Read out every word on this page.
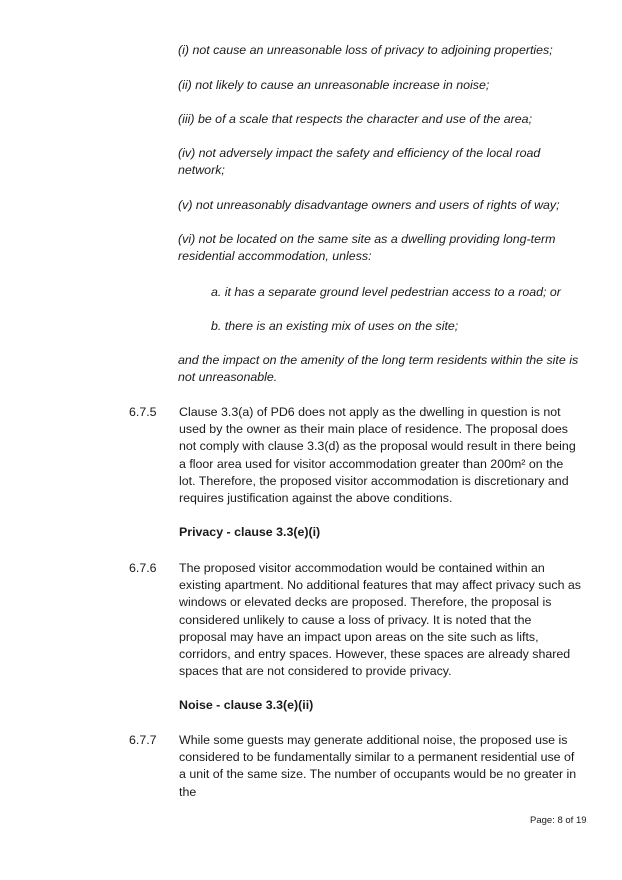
(i) not cause an unreasonable loss of privacy to adjoining properties;

(ii) not likely to cause an unreasonable increase in noise;

(iii) be of a scale that respects the character and use of the area;

(iv) not adversely impact the safety and efficiency of the local road network;

(v) not unreasonably disadvantage owners and users of rights of way;

(vi) not be located on the same site as a dwelling providing long-term residential accommodation, unless:

a. it has a separate ground level pedestrian access to a road; or

b. there is an existing mix of uses on the site;

and the impact on the amenity of the long term residents within the site is not unreasonable.

6.7.5 Clause 3.3(a) of PD6 does not apply as the dwelling in question is not used by the owner as their main place of residence. The proposal does not comply with clause 3.3(d) as the proposal would result in there being a floor area used for visitor accommodation greater than 200m² on the lot. Therefore, the proposed visitor accommodation is discretionary and requires justification against the above conditions.

Privacy - clause 3.3(e)(i)
6.7.6 The proposed visitor accommodation would be contained within an existing apartment. No additional features that may affect privacy such as windows or elevated decks are proposed. Therefore, the proposal is considered unlikely to cause a loss of privacy. It is noted that the proposal may have an impact upon areas on the site such as lifts, corridors, and entry spaces. However, these spaces are already shared spaces that are not considered to provide privacy.

Noise - clause 3.3(e)(ii)
6.7.7 While some guests may generate additional noise, the proposed use is considered to be fundamentally similar to a permanent residential use of a unit of the same size. The number of occupants would be no greater in the

Page: 8 of 19
